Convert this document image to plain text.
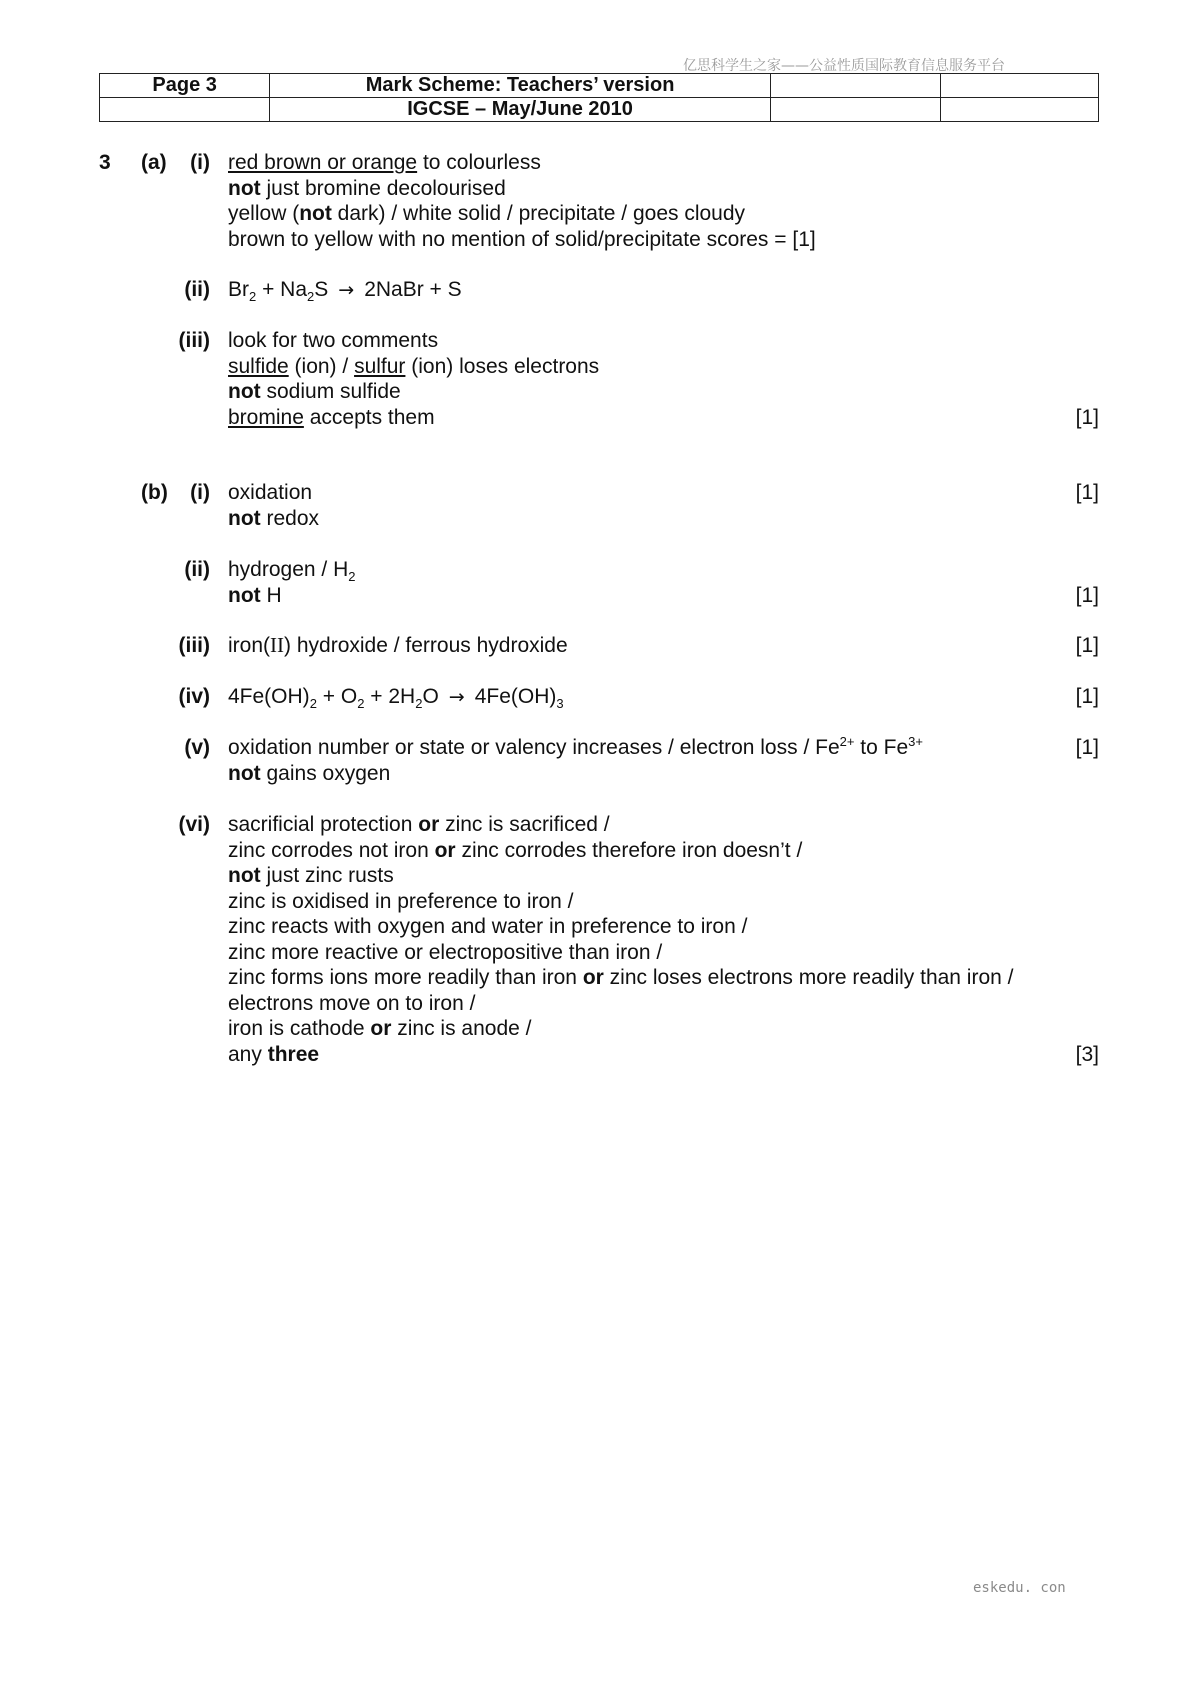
亿思科学生之家——公益性质国际教育信息服务平台
Page 3	Mark Scheme: Teachers’ version		
	IGCSE – May/June 2010		
3 (a)	(i) red brown or orange to colourless
not just bromine decolourised
yellow (not dark) / white solid / precipitate / goes cloudy
brown to yellow with no mention of solid/precipitate scores = [1]
(ii) $Br_2 + Na_2S$ → 2NaBr + S
(iii) look for two comments
sulfide (ion) / sulfur (ion) loses electrons
not sodium sulfide
bromine accepts them	[1]
(b)	(i) oxidation	[1]
not redox
(ii) hydrogen / $H_2$
not H	[1]
(iii) iron(II) hydroxide / ferrous hydroxide	[1]
(iv) $4Fe(OH)_2 + O_2 + 2H_2O \to 4Fe(OH)_3$	[1]
(v) oxidation number or state or valency increases / electron loss / $Fe^{2+}$ to $Fe^{3+}$	[1]
not gains oxygen
(vi) sacrificial protection or zinc is sacrificed /
zinc corrodes not iron or zinc corrodes therefore iron doesn’t /
not just zinc rusts
zinc is oxidised in preference to iron /
zinc reacts with oxygen and water in preference to iron /
zinc more reactive or electropositive than iron /
zinc forms ions more readily than iron or zinc loses electrons more readily than iron /
electrons move on to iron /
iron is cathode or zinc is anode /
any three	[3]
eskedu. con
